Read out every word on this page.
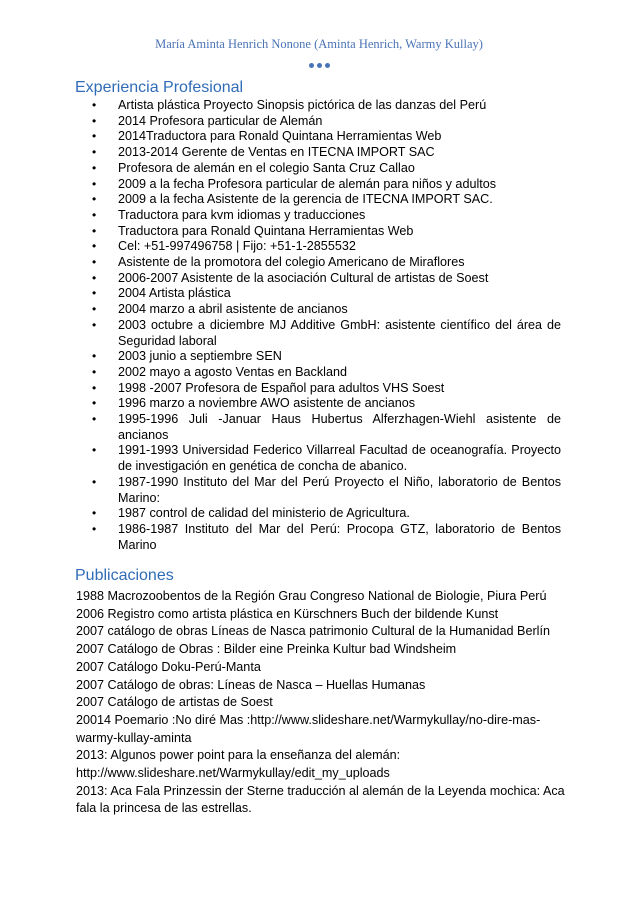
María Aminta Henrich Nonone (Aminta Henrich, Warmy Kullay)
Experiencia Profesional
• Artista plástica Proyecto Sinopsis pictórica de las danzas del Perú
• 2014 Profesora particular de Alemán
• 2014Traductora para Ronald Quintana Herramientas Web
• 2013-2014 Gerente de Ventas en ITECNA IMPORT SAC
• Profesora de alemán en el colegio Santa Cruz Callao
• 2009 a la fecha Profesora particular de alemán para niños y adultos
• 2009 a la fecha Asistente de la gerencia de ITECNA IMPORT SAC.
• Traductora para kvm idiomas y traducciones
• Traductora para Ronald Quintana Herramientas Web
• Cel: +51-997496758 | Fijo: +51-1-2855532
• Asistente de la promotora del colegio Americano de Miraflores
• 2006-2007 Asistente de la asociación Cultural de artistas de Soest
• 2004 Artista plástica
• 2004 marzo a abril asistente de ancianos
• 2003 octubre a diciembre MJ Additive GmbH: asistente científico del área de Seguridad laboral
• 2003 junio a septiembre SEN
• 2002 mayo a agosto Ventas en Backland
• 1998 -2007 Profesora de Español para adultos VHS Soest
• 1996 marzo a noviembre AWO asistente de ancianos
• 1995-1996 Juli -Januar Haus Hubertus Alferzhagen-Wiehl asistente de ancianos
• 1991-1993 Universidad Federico Villarreal Facultad de oceanografía. Proyecto de investigación en genética de concha de abanico.
• 1987-1990 Instituto del Mar del Perú Proyecto el Niño, laboratorio de Bentos Marino:
• 1987 control de calidad del ministerio de Agricultura.
• 1986-1987 Instituto del Mar del Perú: Procopa GTZ, laboratorio de Bentos Marino
Publicaciones
1988 Macrozoobentos de la Región Grau Congreso National de Biologie, Piura Perú
2006 Registro como artista plástica en Kürschners Buch der bildende Kunst
2007 catálogo de obras Líneas de Nasca patrimonio Cultural de la Humanidad Berlín
2007 Catálogo de Obras : Bilder eine Preinka Kultur bad Windsheim
2007 Catálogo Doku-Perú-Manta
2007 Catálogo de obras: Líneas de Nasca – Huellas Humanas
2007 Catálogo de artistas de Soest
20014 Poemario :No diré Mas :http://www.slideshare.net/Warmykullay/no-dire-mas-warmy-kullay-aminta
2013: Algunos power point para la enseñanza del alemán:
http://www.slideshare.net/Warmykullay/edit_my_uploads
2013: Aca Fala Prinzessin der Sterne traducción al alemán de la Leyenda mochica: Aca fala la princesa de las estrellas.
